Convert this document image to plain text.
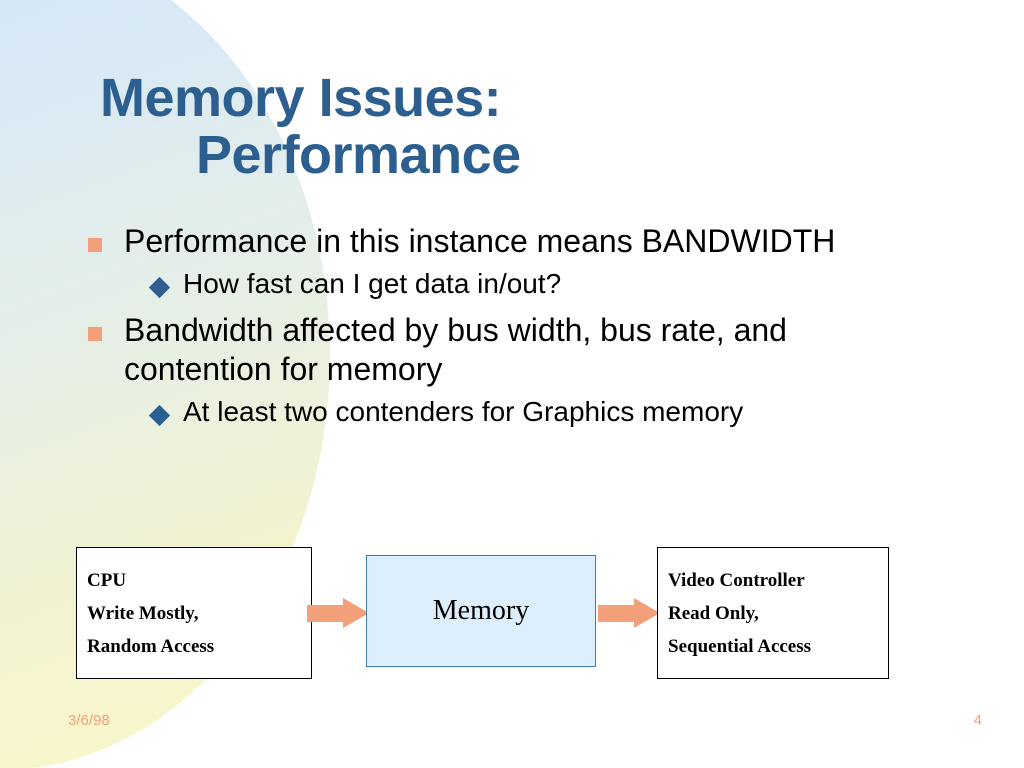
Memory Issues:
Performance
Performance in this instance means BANDWIDTH
How fast can I get data in/out?
Bandwidth affected by bus width, bus rate, and contention for memory
At least two contenders for Graphics memory
CPU
Write Mostly,
Random Access
Memory
Video Controller
Read Only,
Sequential Access
3/6/98	4
